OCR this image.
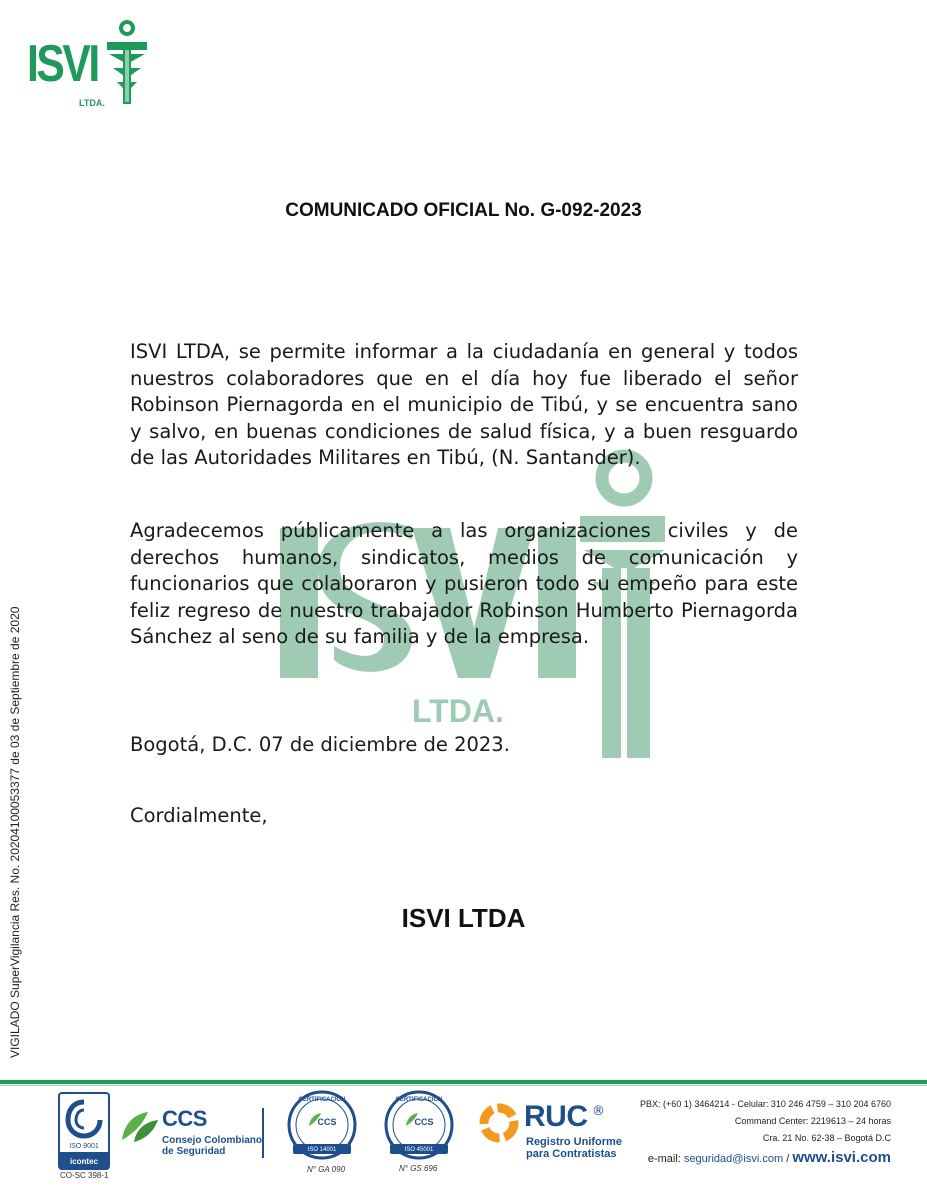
ISVI
LTDA.
LTDA.
COMUNICADO OFICIAL No. G-092-2023

ISVI LTDA, se permite informar a la ciudadanía en general y todos nuestros colaboradores que en el día hoy fue liberado el señor Robinson Piernagorda en el municipio de Tibú, y se encuentra sano y salvo, en buenas condiciones de salud física, y a buen resguardo de las Autoridades Militares en Tibú, (N. Santander).

Agradecemos públicamente a las organizaciones civiles y de derechos humanos, sindicatos, medios de comunicación y funcionarios que colaboraron y pusieron todo su empeño para este feliz regreso de nuestro trabajador Robinson Humberto Piernagorda Sánchez al seno de su familia y de la empresa.

Bogotá, D.C. 07 de diciembre de 2023.
Cordialmente,
ISVI LTDA
VIGILADO SuperVigilancia Res. No. 20204100053377 de 03 de Septiembre de 2020
ISO 9001
icontec
CO-SC 398-1
CCS
Consejo Colombiano
de Seguridad
CERTIFICACIÓN
CCS
ISO 14001
N° GA 090
CERTIFICACIÓN
CCS
ISO 45001
N° GS 696
RUC ®
Registro Uniforme
para Contratistas
PBX: (+60 1) 3464214 - Celular: 310 246 4759 – 310 204 6760
Command Center: 2219613 – 24 horas
Cra. 21 No. 62-38 – Bogotá D.C
e-mail: seguridad@isvi.com / www.isvi.com
